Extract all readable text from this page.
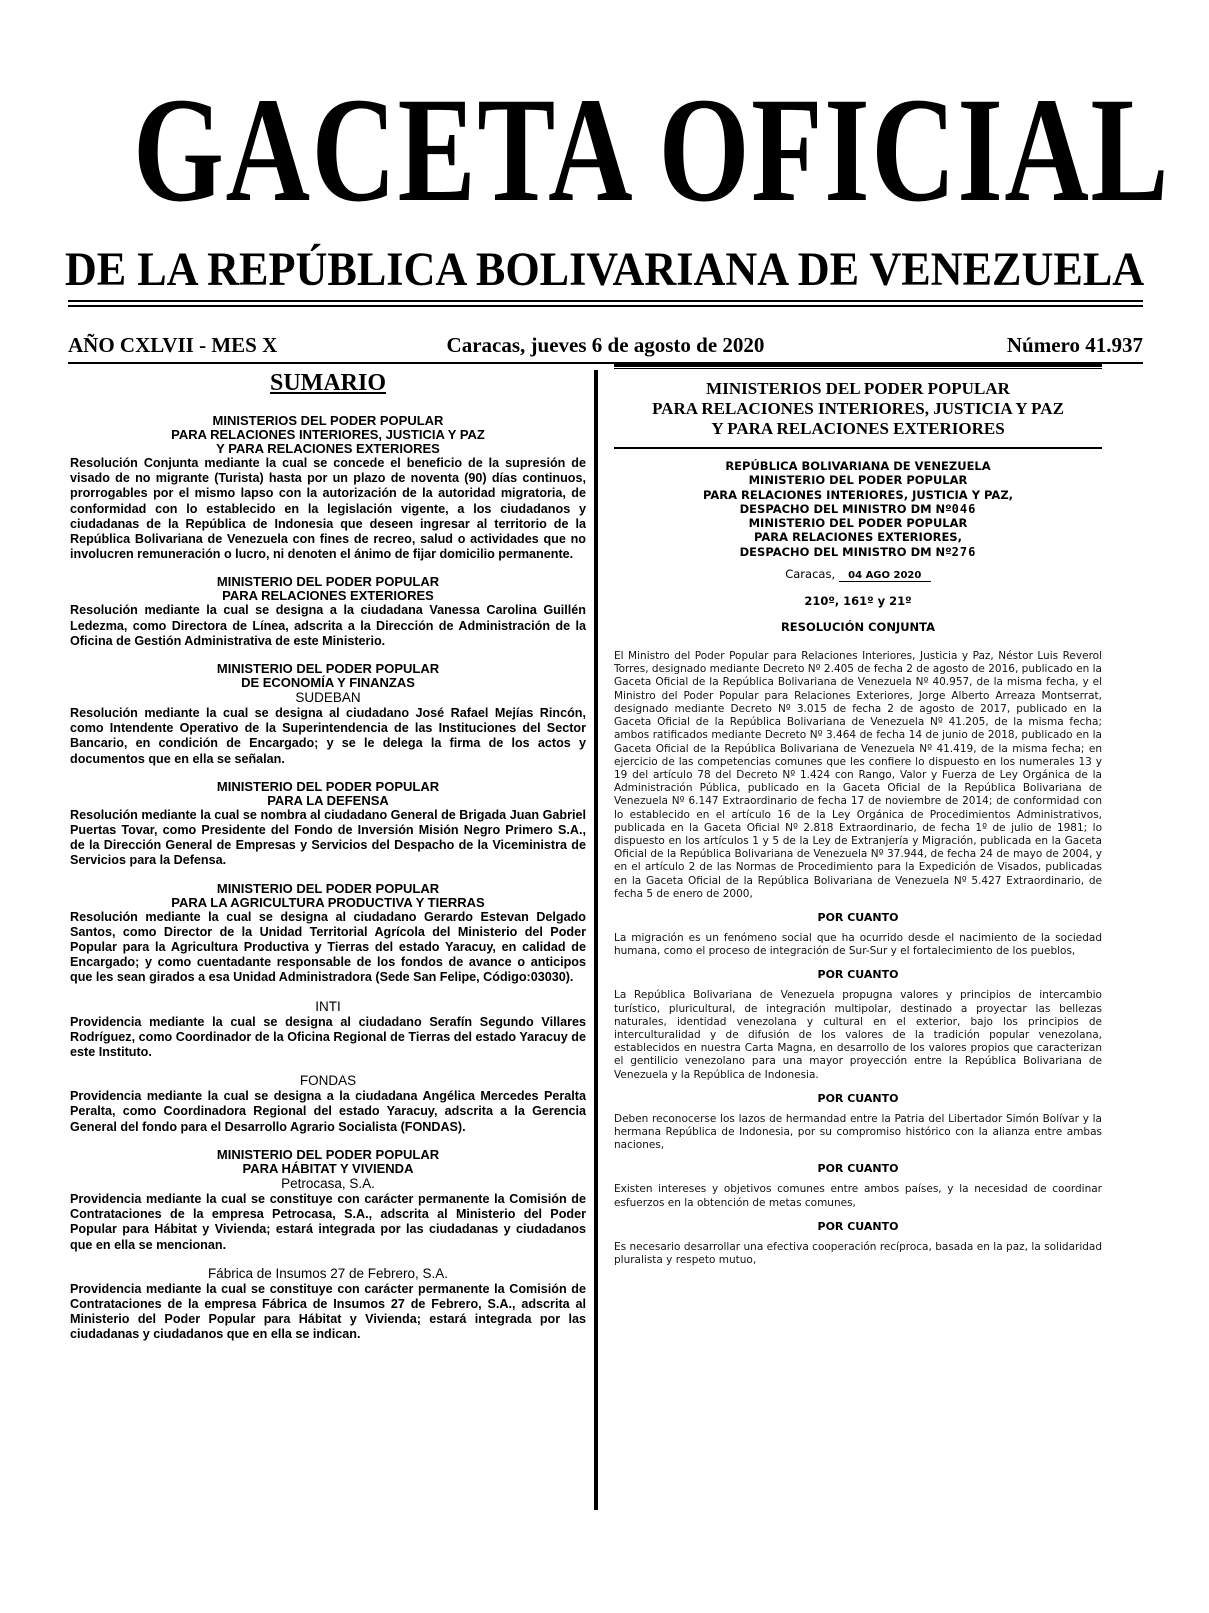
GACETA OFICIAL
DE LA REPÚBLICA BOLIVARIANA DE VENEZUELA
AÑO CXLVII - MES X	Caracas, jueves 6 de agosto de 2020	Número 41.937
SUMARIO
MINISTERIOS DEL PODER POPULAR
PARA RELACIONES INTERIORES, JUSTICIA Y PAZ
Y PARA RELACIONES EXTERIORES
Resolución Conjunta mediante la cual se concede el beneficio de la supresión de visado de no migrante (Turista) hasta por un plazo de noventa (90) días continuos, prorrogables por el mismo lapso con la autorización de la autoridad migratoria, de conformidad con lo establecido en la legislación vigente, a los ciudadanos y ciudadanas de la República de Indonesia que deseen ingresar al territorio de la República Bolivariana de Venezuela con fines de recreo, salud o actividades que no involucren remuneración o lucro, ni denoten el ánimo de fijar domicilio permanente.
MINISTERIO DEL PODER POPULAR
PARA RELACIONES EXTERIORES
Resolución mediante la cual se designa a la ciudadana Vanessa Carolina Guillén Ledezma, como Directora de Línea, adscrita a la Dirección de Administración de la Oficina de Gestión Administrativa de este Ministerio.
MINISTERIO DEL PODER POPULAR
DE ECONOMÍA Y FINANZAS
SUDEBAN
Resolución mediante la cual se designa al ciudadano José Rafael Mejías Rincón, como Intendente Operativo de la Superintendencia de las Instituciones del Sector Bancario, en condición de Encargado; y se le delega la firma de los actos y documentos que en ella se señalan.
MINISTERIO DEL PODER POPULAR
PARA LA DEFENSA
Resolución mediante la cual se nombra al ciudadano General de Brigada Juan Gabriel Puertas Tovar, como Presidente del Fondo de Inversión Misión Negro Primero S.A., de la Dirección General de Empresas y Servicios del Despacho de la Viceministra de Servicios para la Defensa.
MINISTERIO DEL PODER POPULAR
PARA LA AGRICULTURA PRODUCTIVA Y TIERRAS
Resolución mediante la cual se designa al ciudadano Gerardo Estevan Delgado Santos, como Director de la Unidad Territorial Agrícola del Ministerio del Poder Popular para la Agricultura Productiva y Tierras del estado Yaracuy, en calidad de Encargado; y como cuentadante responsable de los fondos de avance o anticipos que les sean girados a esa Unidad Administradora (Sede San Felipe, Código:03030).
INTI
Providencia mediante la cual se designa al ciudadano Serafín Segundo Villares Rodríguez, como Coordinador de la Oficina Regional de Tierras del estado Yaracuy de este Instituto.
FONDAS
Providencia mediante la cual se designa a la ciudadana Angélica Mercedes Peralta Peralta, como Coordinadora Regional del estado Yaracuy, adscrita a la Gerencia General del fondo para el Desarrollo Agrario Socialista (FONDAS).
MINISTERIO DEL PODER POPULAR
PARA HÁBITAT Y VIVIENDA
Petrocasa, S.A.
Providencia mediante la cual se constituye con carácter permanente la Comisión de Contrataciones de la empresa Petrocasa, S.A., adscrita al Ministerio del Poder Popular para Hábitat y Vivienda; estará integrada por las ciudadanas y ciudadanos que en ella se mencionan.
Fábrica de Insumos 27 de Febrero, S.A.
Providencia mediante la cual se constituye con carácter permanente la Comisión de Contrataciones de la empresa Fábrica de Insumos 27 de Febrero, S.A., adscrita al Ministerio del Poder Popular para Hábitat y Vivienda; estará integrada por las ciudadanas y ciudadanos que en ella se indican.
MINISTERIOS DEL PODER POPULAR
PARA RELACIONES INTERIORES, JUSTICIA Y PAZ
Y PARA RELACIONES EXTERIORES
REPÚBLICA BOLIVARIANA DE VENEZUELA
MINISTERIO DEL PODER POPULAR
PARA RELACIONES INTERIORES, JUSTICIA Y PAZ,
DESPACHO DEL MINISTRO DM Nº046
MINISTERIO DEL PODER POPULAR
PARA RELACIONES EXTERIORES,
DESPACHO DEL MINISTRO DM Nº276
Caracas, 04 AGO 2020
210º, 161º y 21º
RESOLUCIÓN CONJUNTA
El Ministro del Poder Popular para Relaciones Interiores, Justicia y Paz, Néstor Luis Reverol Torres, designado mediante Decreto Nº 2.405 de fecha 2 de agosto de 2016, publicado en la Gaceta Oficial de la República Bolivariana de Venezuela Nº 40.957, de la misma fecha, y el Ministro del Poder Popular para Relaciones Exteriores, Jorge Alberto Arreaza Montserrat, designado mediante Decreto Nº 3.015 de fecha 2 de agosto de 2017, publicado en la Gaceta Oficial de la República Bolivariana de Venezuela Nº 41.205, de la misma fecha; ambos ratificados mediante Decreto Nº 3.464 de fecha 14 de junio de 2018, publicado en la Gaceta Oficial de la República Bolivariana de Venezuela Nº 41.419, de la misma fecha; en ejercicio de las competencias comunes que les confiere lo dispuesto en los numerales 13 y 19 del artículo 78 del Decreto Nº 1.424 con Rango, Valor y Fuerza de Ley Orgánica de la Administración Pública, publicado en la Gaceta Oficial de la República Bolivariana de Venezuela Nº 6.147 Extraordinario de fecha 17 de noviembre de 2014; de conformidad con lo establecido en el artículo 16 de la Ley Orgánica de Procedimientos Administrativos, publicada en la Gaceta Oficial Nº 2.818 Extraordinario, de fecha 1º de julio de 1981; lo dispuesto en los artículos 1 y 5 de la Ley de Extranjería y Migración, publicada en la Gaceta Oficial de la República Bolivariana de Venezuela Nº 37.944, de fecha 24 de mayo de 2004, y en el artículo 2 de las Normas de Procedimiento para la Expedición de Visados, publicadas en la Gaceta Oficial de la República Bolivariana de Venezuela Nº 5.427 Extraordinario, de fecha 5 de enero de 2000,
POR CUANTO
La migración es un fenómeno social que ha ocurrido desde el nacimiento de la sociedad humana, como el proceso de integración de Sur-Sur y el fortalecimiento de los pueblos,
POR CUANTO
La República Bolivariana de Venezuela propugna valores y principios de intercambio turístico, pluricultural, de integración multipolar, destinado a proyectar las bellezas naturales, identidad venezolana y cultural en el exterior, bajo los principios de interculturalidad y de difusión de los valores de la tradición popular venezolana, establecidos en nuestra Carta Magna, en desarrollo de los valores propios que caracterizan el gentilicio venezolano para una mayor proyección entre la República Bolivariana de Venezuela y la República de Indonesia.
POR CUANTO
Deben reconocerse los lazos de hermandad entre la Patria del Libertador Simón Bolívar y la hermana República de Indonesia, por su compromiso histórico con la alianza entre ambas naciones,
POR CUANTO
Existen intereses y objetivos comunes entre ambos países, y la necesidad de coordinar esfuerzos en la obtención de metas comunes,
POR CUANTO
Es necesario desarrollar una efectiva cooperación recíproca, basada en la paz, la solidaridad pluralista y respeto mutuo,
